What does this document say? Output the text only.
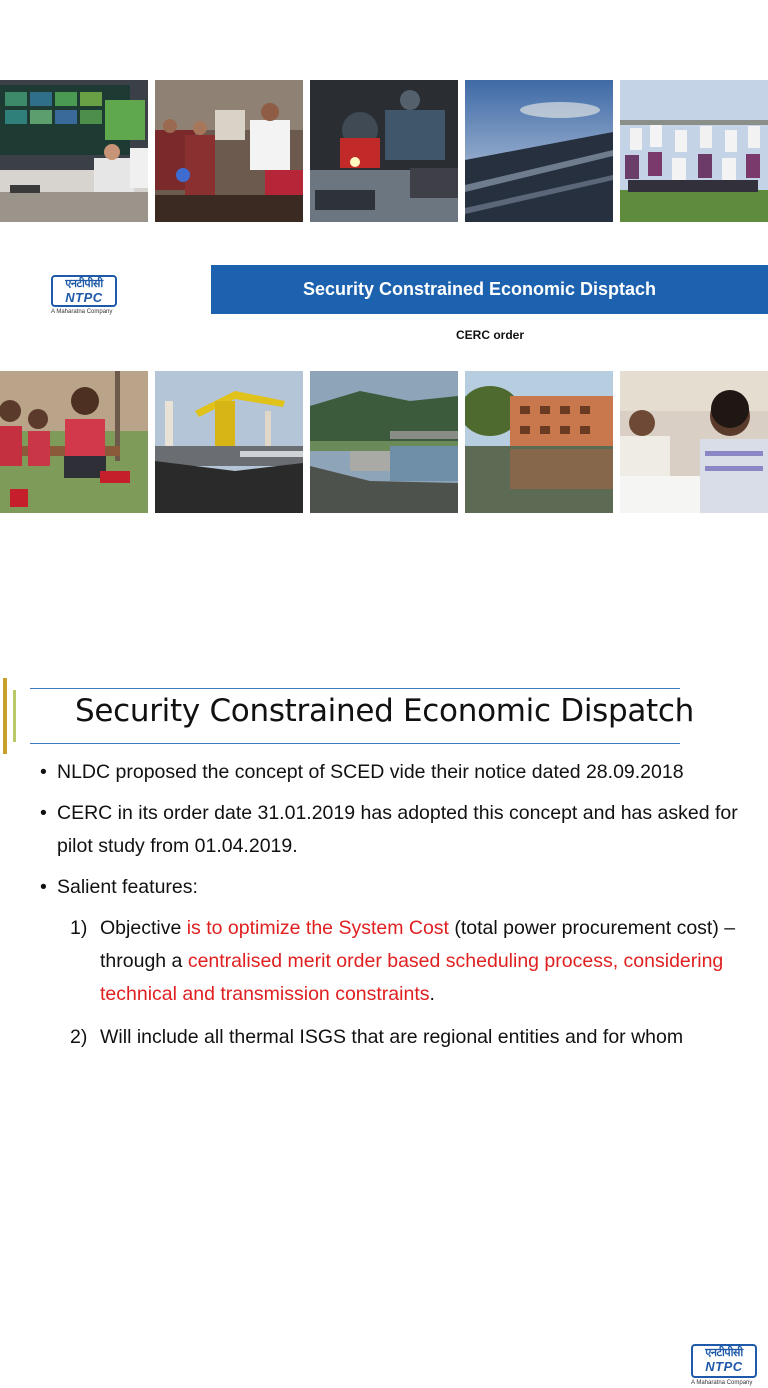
एनटीपीसी
NTPC
A Maharatna Company
Security Constrained Economic Disptach
CERC order
Security Constrained Economic Dispatch
एनटीपीसी
NTPC
A Maharatna Company
• NLDC proposed the concept of SCED vide their notice dated 28.09.2018
• CERC in its order date 31.01.2019 has adopted this concept and has asked for pilot study from 01.04.2019.
• Salient features:
1) Objective is to optimize the System Cost (total power procurement cost) – through a centralised merit order based scheduling process, considering technical and transmission constraints.
2) Will include all thermal ISGS that are regional entities and for whom
